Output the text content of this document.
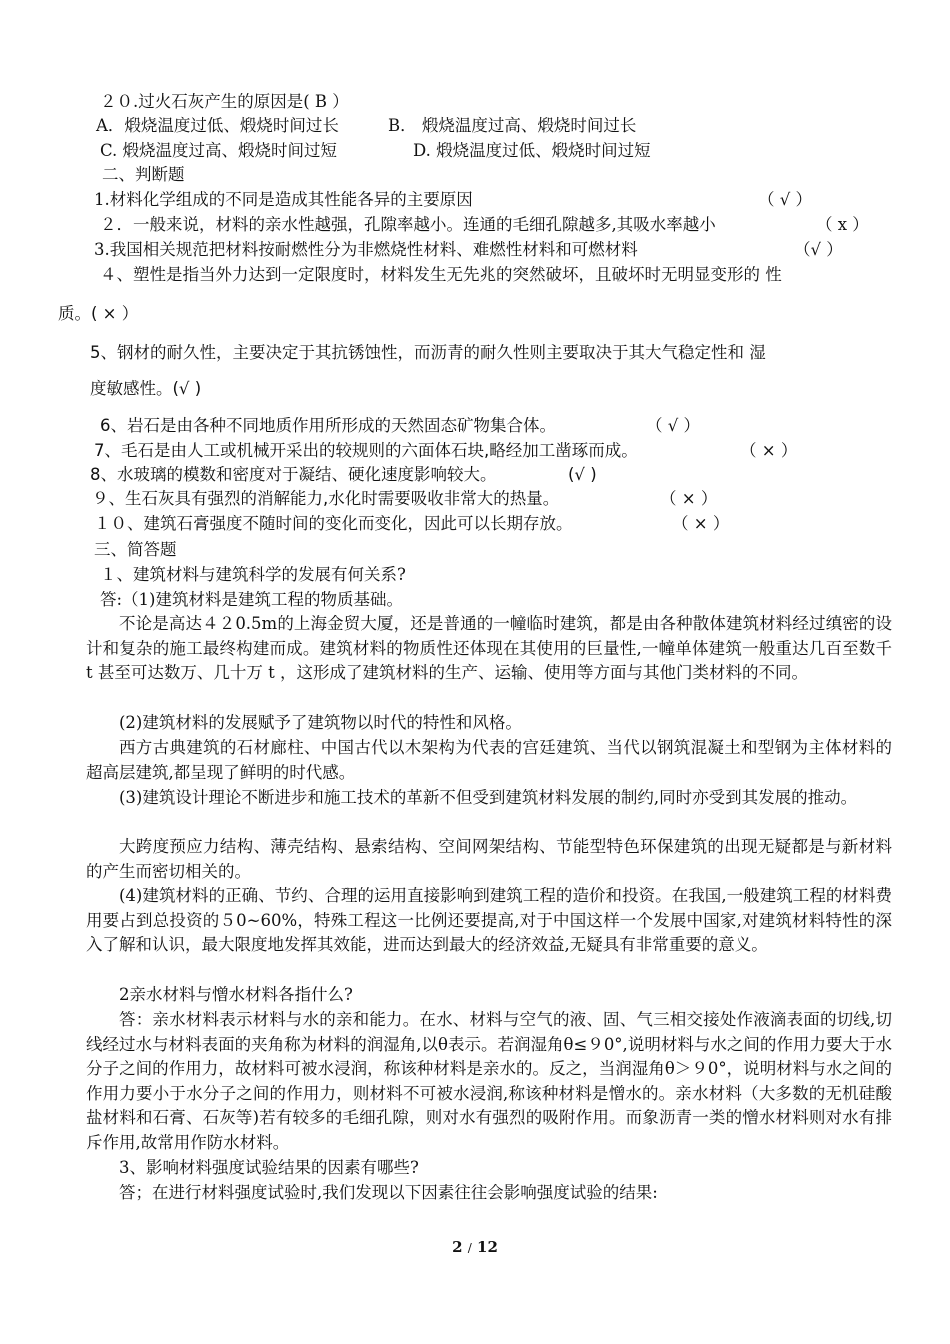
２０.过火石灰产生的原因是( B ）
A．煅烧温度过低、煅烧时间过长	B． 煅烧温度过高、煅烧时间过长
C. 煅烧温度过高、煅烧时间过短	D. 煅烧温度过低、煅烧时间过短
二、判断题
1.材料化学组成的不同是造成其性能各异的主要原因	（ √ ）
２．一般来说，材料的亲水性越强，孔隙率越小。连通的毛细孔隙越多,其吸水率越小	（ x ）
3.我国相关规范把材料按耐燃性分为非燃烧性材料、难燃性材料和可燃材料	（√ ）
４、塑性是指当外力达到一定限度时，材料发生无先兆的突然破坏，且破坏时无明显变形的 性
质。( × ）
5、钢材的耐久性，主要决定于其抗锈蚀性，而沥青的耐久性则主要取决于其大气稳定性和 湿
度敏感性。(√ )
6、岩石是由各种不同地质作用所形成的天然固态矿物集合体。	（ √ ）
7、毛石是由人工或机械开采出的较规则的六面体石块,略经加工凿琢而成。	（ × ）
8、水玻璃的模数和密度对于凝结、硬化速度影响较大。	(√ )
９、生石灰具有强烈的消解能力,水化时需要吸收非常大的热量。	（ × ）
１０、建筑石膏强度不随时间的变化而变化，因此可以长期存放。	（ × ）
三、简答题
１、建筑材料与建筑科学的发展有何关系?
答:（1)建筑材料是建筑工程的物质基础。

不论是高达４２0.5m的上海金贸大厦，还是普通的一幢临时建筑，都是由各种散体建筑材料经过缜密的设计和复杂的施工最终构建而成。建筑材料的物质性还体现在其使用的巨量性,一幢单体建筑一般重达几百至数千 t 甚至可达数万、几十万 t ，这形成了建筑材料的生产、运输、使用等方面与其他门类材料的不同。

(2)建筑材料的发展赋予了建筑物以时代的特性和风格。

西方古典建筑的石材廊柱、中国古代以木架构为代表的宫廷建筑、当代以钢筑混凝土和型钢为主体材料的超高层建筑,都呈现了鲜明的时代感。

(3)建筑设计理论不断进步和施工技术的革新不但受到建筑材料发展的制约,同时亦受到其发展的推动。

大跨度预应力结构、薄壳结构、悬索结构、空间网架结构、节能型特色环保建筑的出现无疑都是与新材料的产生而密切相关的。

(4)建筑材料的正确、节约、合理的运用直接影响到建筑工程的造价和投资。在我国,一般建筑工程的材料费用要占到总投资的５0~60%，特殊工程这一比例还要提高,对于中国这样一个发展中国家,对建筑材料特性的深入了解和认识，最大限度地发挥其效能，进而达到最大的经济效益,无疑具有非常重要的意义。

2亲水材料与憎水材料各指什么?

答：亲水材料表示材料与水的亲和能力。在水、材料与空气的液、固、气三相交接处作液滴表面的切线,切线经过水与材料表面的夹角称为材料的润湿角,以θ表示。若润湿角θ≤９0°,说明材料与水之间的作用力要大于水分子之间的作用力，故材料可被水浸润，称该种材料是亲水的。反之，当润湿角θ＞９0°，说明材料与水之间的作用力要小于水分子之间的作用力，则材料不可被水浸润,称该种材料是憎水的。亲水材料（大多数的无机硅酸盐材料和石膏、石灰等)若有较多的毛细孔隙，则对水有强烈的吸附作用。而象沥青一类的憎水材料则对水有排斥作用,故常用作防水材料。

3、影响材料强度试验结果的因素有哪些?

答；在进行材料强度试验时,我们发现以下因素往往会影响强度试验的结果:

2 / 12
